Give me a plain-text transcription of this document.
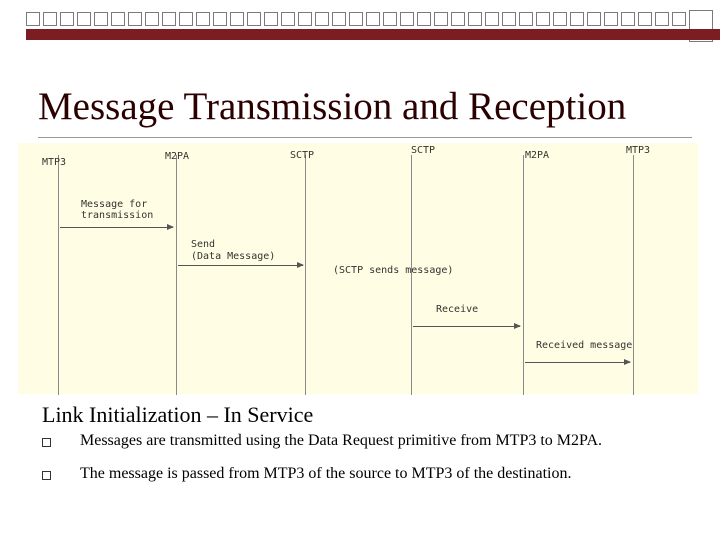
Message Transmission and Reception
MTP3
M2PA	SCTP	SCTP	M2PA	MTP3
Message for
transmission
Send
(Data Message)
(SCTP sends message)
Receive
Received message
Link Initialization – In Service
Messages are transmitted using the Data Request primitive from MTP3 to M2PA.
The message is passed from MTP3 of the source to MTP3 of the destination.
